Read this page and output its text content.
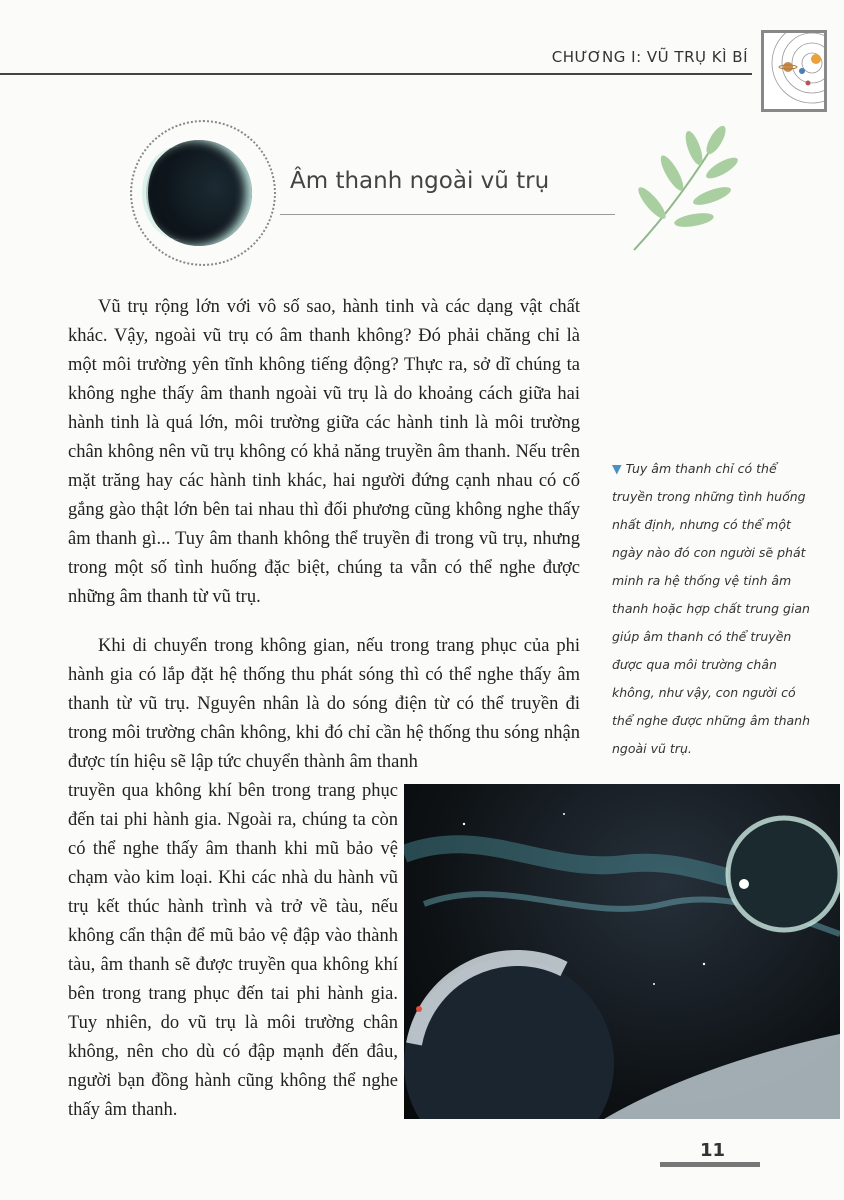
CHƯƠNG I: VŨ TRỤ KÌ BÍ
Âm thanh ngoài vũ trụ

Vũ trụ rộng lớn với vô số sao, hành tinh và các dạng vật chất khác. Vậy, ngoài vũ trụ có âm thanh không? Đó phải chăng chỉ là một môi trường yên tĩnh không tiếng động? Thực ra, sở dĩ chúng ta không nghe thấy âm thanh ngoài vũ trụ là do khoảng cách giữa hai hành tinh là quá lớn, môi trường giữa các hành tinh là môi trường chân không nên vũ trụ không có khả năng truyền âm thanh. Nếu trên mặt trăng hay các hành tinh khác, hai người đứng cạnh nhau có cố gắng gào thật lớn bên tai nhau thì đối phương cũng không nghe thấy âm thanh gì... Tuy âm thanh không thể truyền đi trong vũ trụ, nhưng trong một số tình huống đặc biệt, chúng ta vẫn có thể nghe được những âm thanh từ vũ trụ.

Khi di chuyển trong không gian, nếu trong trang phục của phi hành gia có lắp đặt hệ thống thu phát sóng thì có thể nghe thấy âm thanh từ vũ trụ. Nguyên nhân là do sóng điện từ có thể truyền đi trong môi trường chân không, khi đó chỉ cần hệ thống thu sóng nhận được tín hiệu sẽ lập tức chuyển thành âm thanh

truyền qua không khí bên trong trang phục đến tai phi hành gia. Ngoài ra, chúng ta còn có thể nghe thấy âm thanh khi mũ bảo vệ chạm vào kim loại. Khi các nhà du hành vũ trụ kết thúc hành trình và trở về tàu, nếu không cẩn thận để mũ bảo vệ đập vào thành tàu, âm thanh sẽ được truyền qua không khí bên trong trang phục đến tai phi hành gia. Tuy nhiên, do vũ trụ là môi trường chân không, nên cho dù có đập mạnh đến đâu, người bạn đồng hành cũng không thể nghe thấy âm thanh.

▼ Tuy âm thanh chỉ có thể truyền trong những tình huống nhất định, nhưng có thể một ngày nào đó con người sẽ phát minh ra hệ thống vệ tinh âm thanh hoặc hợp chất trung gian giúp âm thanh có thể truyền được qua môi trường chân không, như vậy, con người có thể nghe được những âm thanh ngoài vũ trụ.

11
